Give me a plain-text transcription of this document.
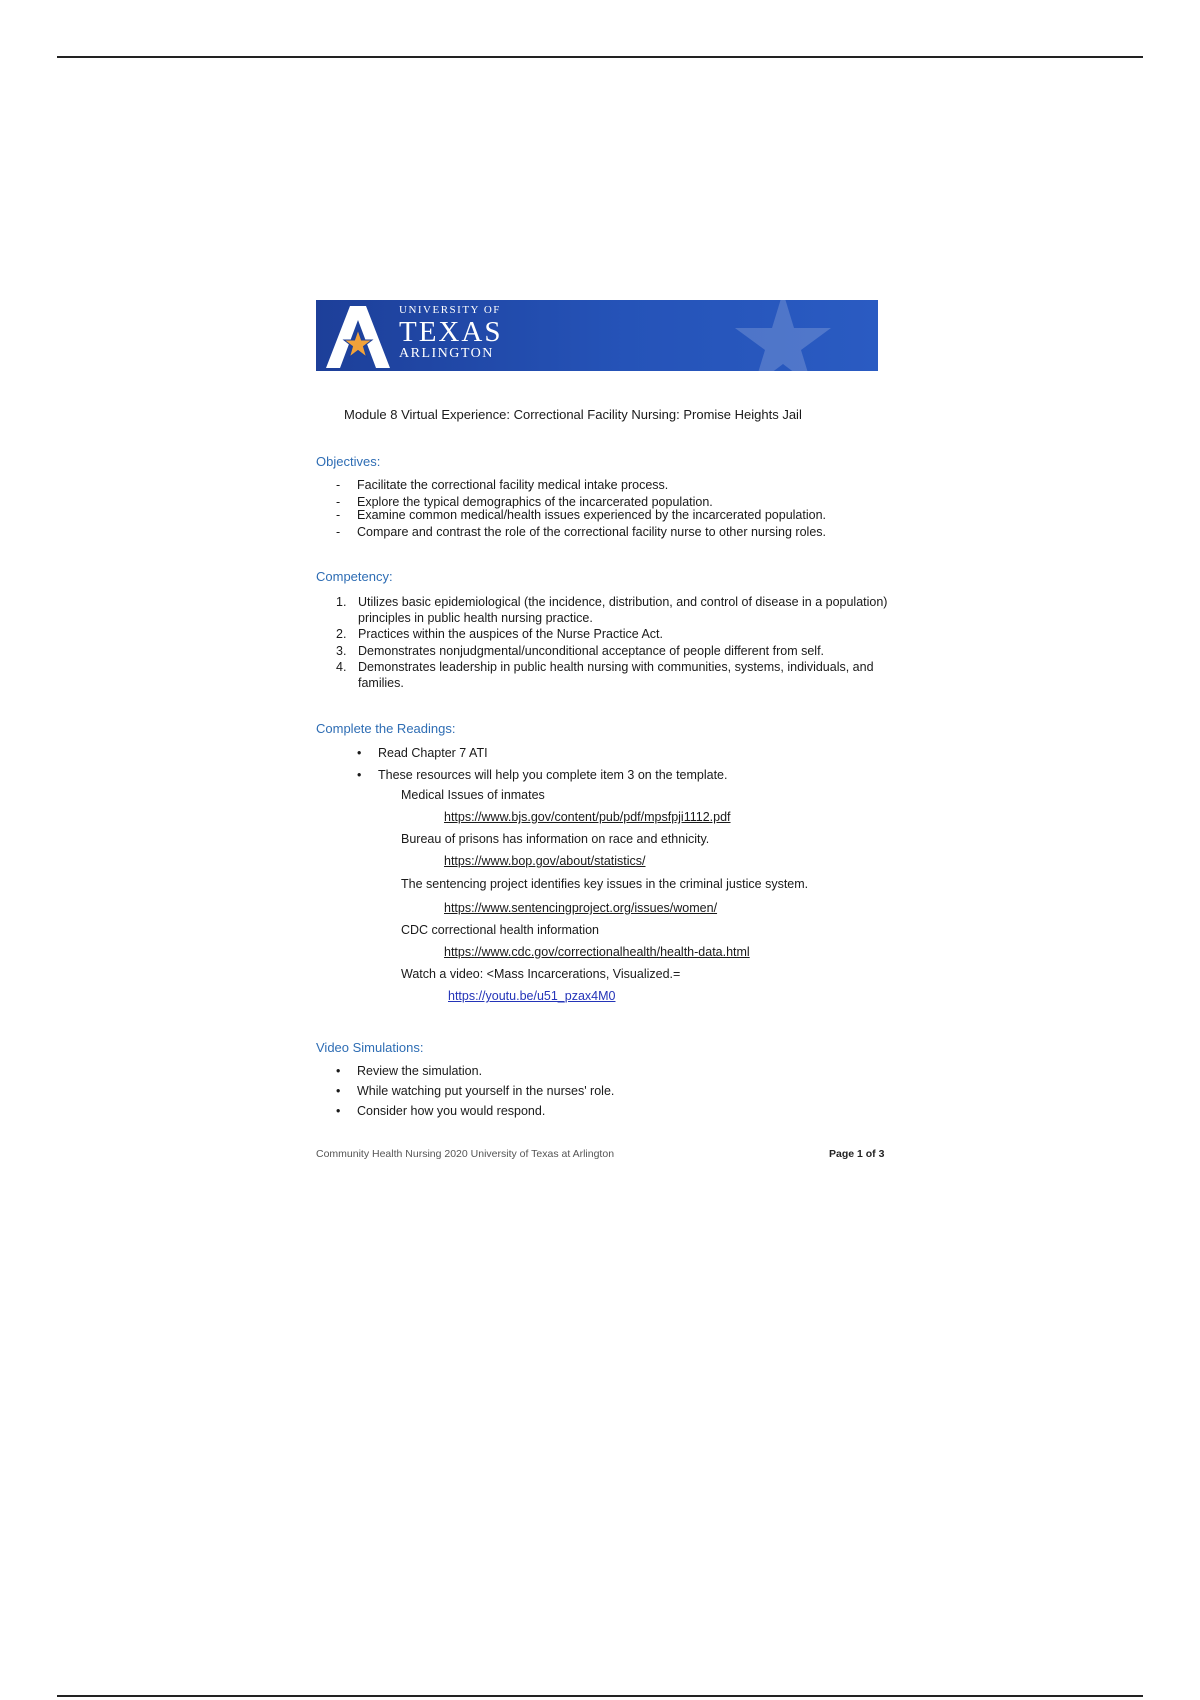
UNIVERSITY OF
TEXAS
ARLINGTON
Module 8 Virtual Experience: Correctional Facility Nursing: Promise Heights Jail
Objectives:
- Facilitate the correctional facility medical intake process.
- Explore the typical demographics of the incarcerated population.
- Examine common medical/health issues experienced by the incarcerated population.
- Compare and contrast the role of the correctional facility nurse to other nursing roles.
Competency:
1. Utilizes basic epidemiological (the incidence, distribution, and control of disease in a population) principles in public health nursing practice.
2. Practices within the auspices of the Nurse Practice Act.
3. Demonstrates nonjudgmental/unconditional acceptance of people different from self.
4. Demonstrates leadership in public health nursing with communities, systems, individuals, and families.
Complete the Readings:
• Read Chapter 7 ATI
• These resources will help you complete item 3 on the template.
Medical Issues of inmates
https://www.bjs.gov/content/pub/pdf/mpsfpji1112.pdf
Bureau of prisons has information on race and ethnicity.
https://www.bop.gov/about/statistics/
The sentencing project identifies key issues in the criminal justice system.
https://www.sentencingproject.org/issues/women/
CDC correctional health information
https://www.cdc.gov/correctionalhealth/health-data.html
Watch a video: <Mass Incarcerations, Visualized.=
https://youtu.be/u51_pzax4M0
Video Simulations:
• Review the simulation.
• While watching put yourself in the nurses' role.
• Consider how you would respond.
Community Health Nursing 2020 University of Texas at Arlington	Page 1 of 3
